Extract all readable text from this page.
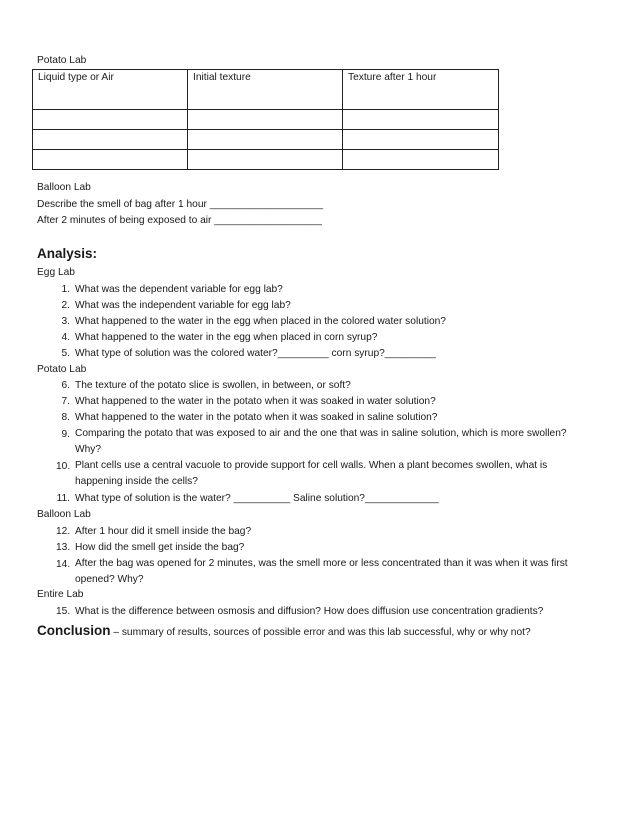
Potato Lab
Liquid type or Air	Initial texture	Texture after 1 hour

Balloon Lab
Describe the smell of bag after 1 hour ____________________
After 2 minutes of being exposed to air ___________________
Analysis:
Egg Lab
1. What was the dependent variable for egg lab?
2. What was the independent variable for egg lab?
3. What happened to the water in the egg when placed in the colored water solution?
4. What happened to the water in the egg when placed in corn syrup?
5. What type of solution was the colored water?_________ corn syrup?_________
Potato Lab
6. The texture of the potato slice is swollen, in between, or soft?
7. What happened to the water in the potato when it was soaked in water solution?
8. What happened to the water in the potato when it was soaked in saline solution?
9. Comparing the potato that was exposed to air and the one that was in saline solution, which is more swollen? Why?
10. Plant cells use a central vacuole to provide support for cell walls. When a plant becomes swollen, what is happening inside the cells?
11. What type of solution is the water? __________ Saline solution?_____________
Balloon Lab
12. After 1 hour did it smell inside the bag?
13. How did the smell get inside the bag?
14. After the bag was opened for 2 minutes, was the smell more or less concentrated than it was when it was first opened? Why?
Entire Lab
15. What is the difference between osmosis and diffusion? How does diffusion use concentration gradients?
Conclusion – summary of results, sources of possible error and was this lab successful, why or why not?
